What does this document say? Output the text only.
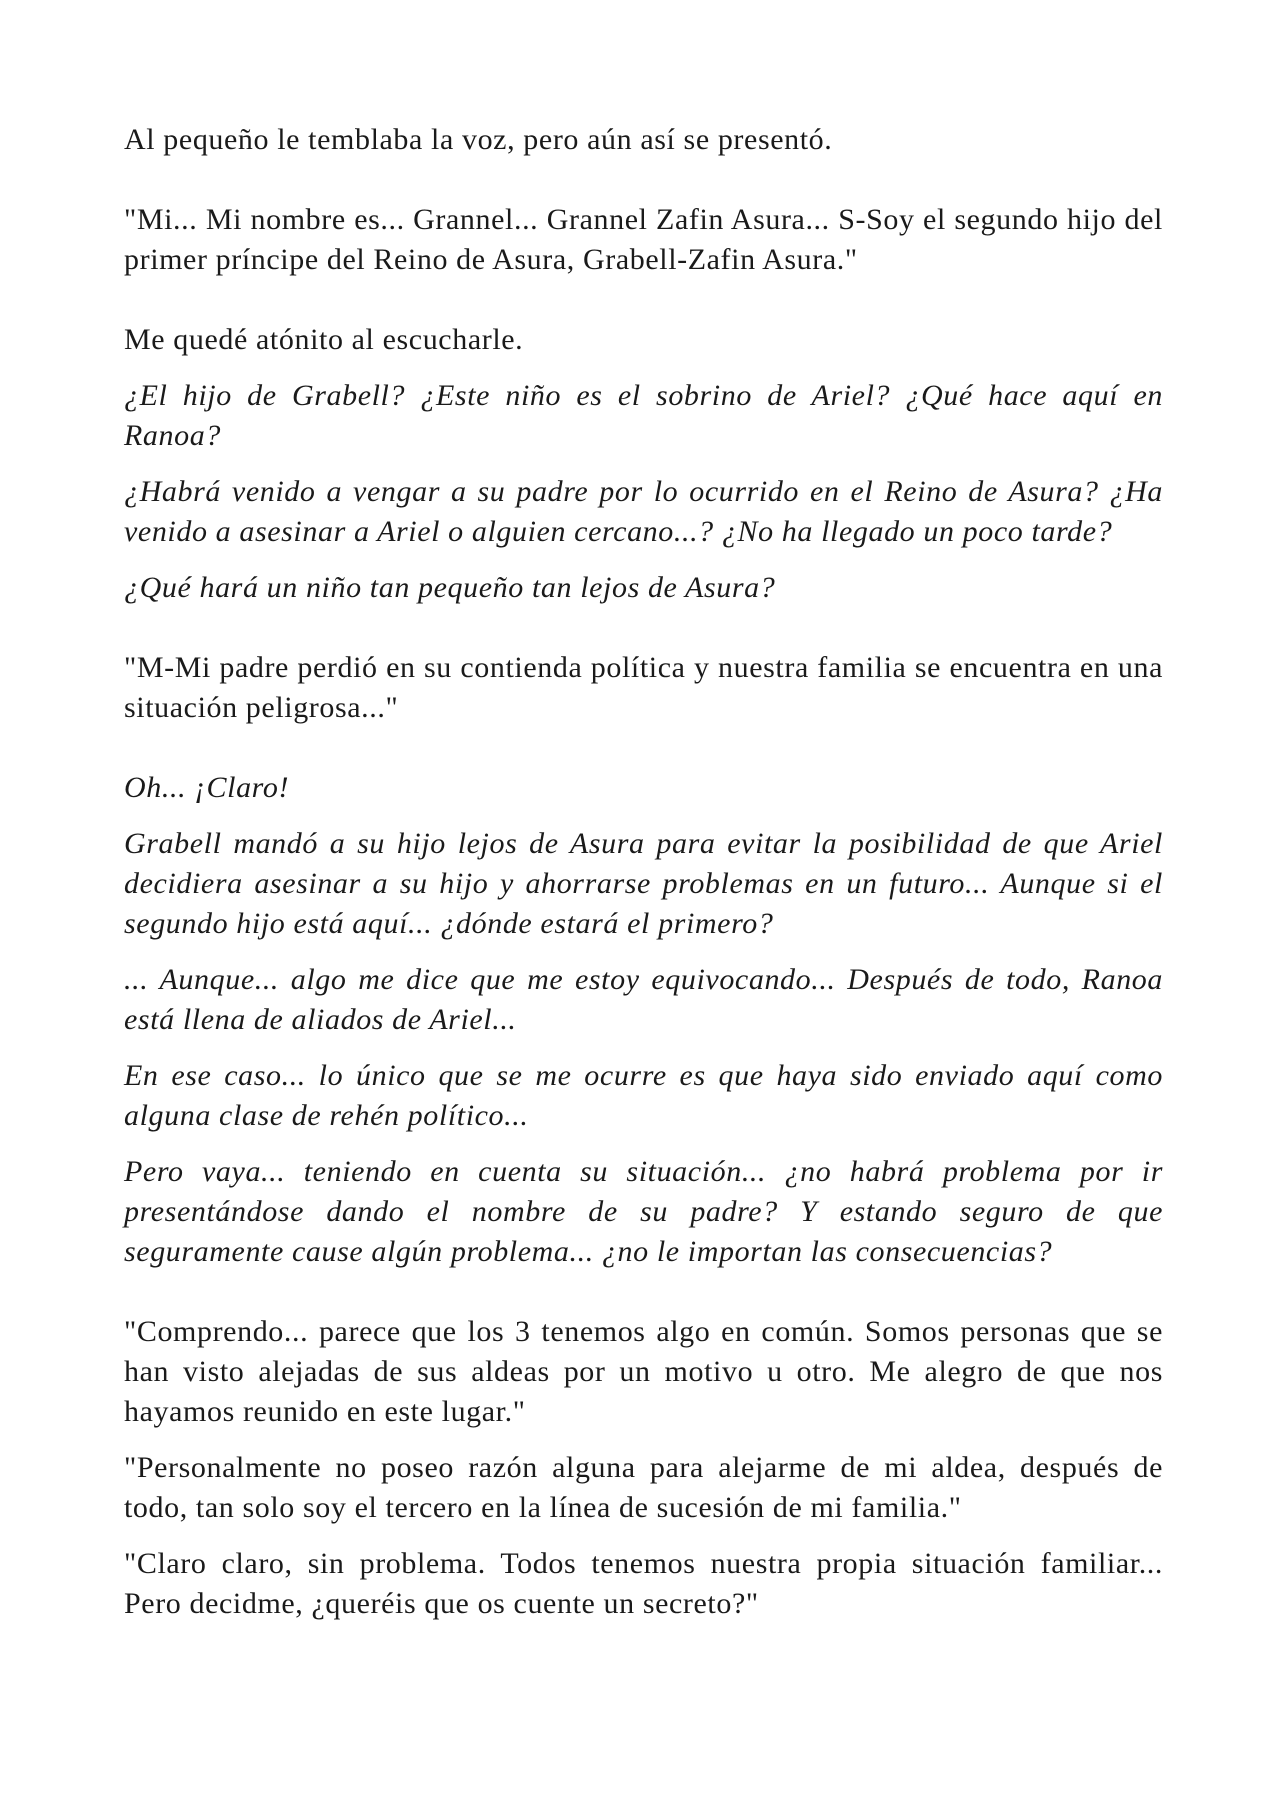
Al pequeño le temblaba la voz, pero aún así se presentó.

"Mi... Mi nombre es... Grannel... Grannel Zafin Asura... S-Soy el segundo hijo del primer príncipe del Reino de Asura, Grabell-Zafin Asura."

Me quedé atónito al escucharle.

¿El hijo de Grabell? ¿Este niño es el sobrino de Ariel? ¿Qué hace aquí en Ranoa?

¿Habrá venido a vengar a su padre por lo ocurrido en el Reino de Asura? ¿Ha venido a asesinar a Ariel o alguien cercano...? ¿No ha llegado un poco tarde?

¿Qué hará un niño tan pequeño tan lejos de Asura?

"M-Mi padre perdió en su contienda política y nuestra familia se encuentra en una situación peligrosa..."

Oh... ¡Claro!

Grabell mandó a su hijo lejos de Asura para evitar la posibilidad de que Ariel decidiera asesinar a su hijo y ahorrarse problemas en un futuro... Aunque si el segundo hijo está aquí... ¿dónde estará el primero?

... Aunque... algo me dice que me estoy equivocando... Después de todo, Ranoa está llena de aliados de Ariel...

En ese caso... lo único que se me ocurre es que haya sido enviado aquí como alguna clase de rehén político...

Pero vaya... teniendo en cuenta su situación... ¿no habrá problema por ir presentándose dando el nombre de su padre? Y estando seguro de que seguramente cause algún problema... ¿no le importan las consecuencias?

"Comprendo... parece que los 3 tenemos algo en común. Somos personas que se han visto alejadas de sus aldeas por un motivo u otro. Me alegro de que nos hayamos reunido en este lugar."

"Personalmente no poseo razón alguna para alejarme de mi aldea, después de todo, tan solo soy el tercero en la línea de sucesión de mi familia."

"Claro claro, sin problema. Todos tenemos nuestra propia situación familiar... Pero decidme, ¿queréis que os cuente un secreto?"
